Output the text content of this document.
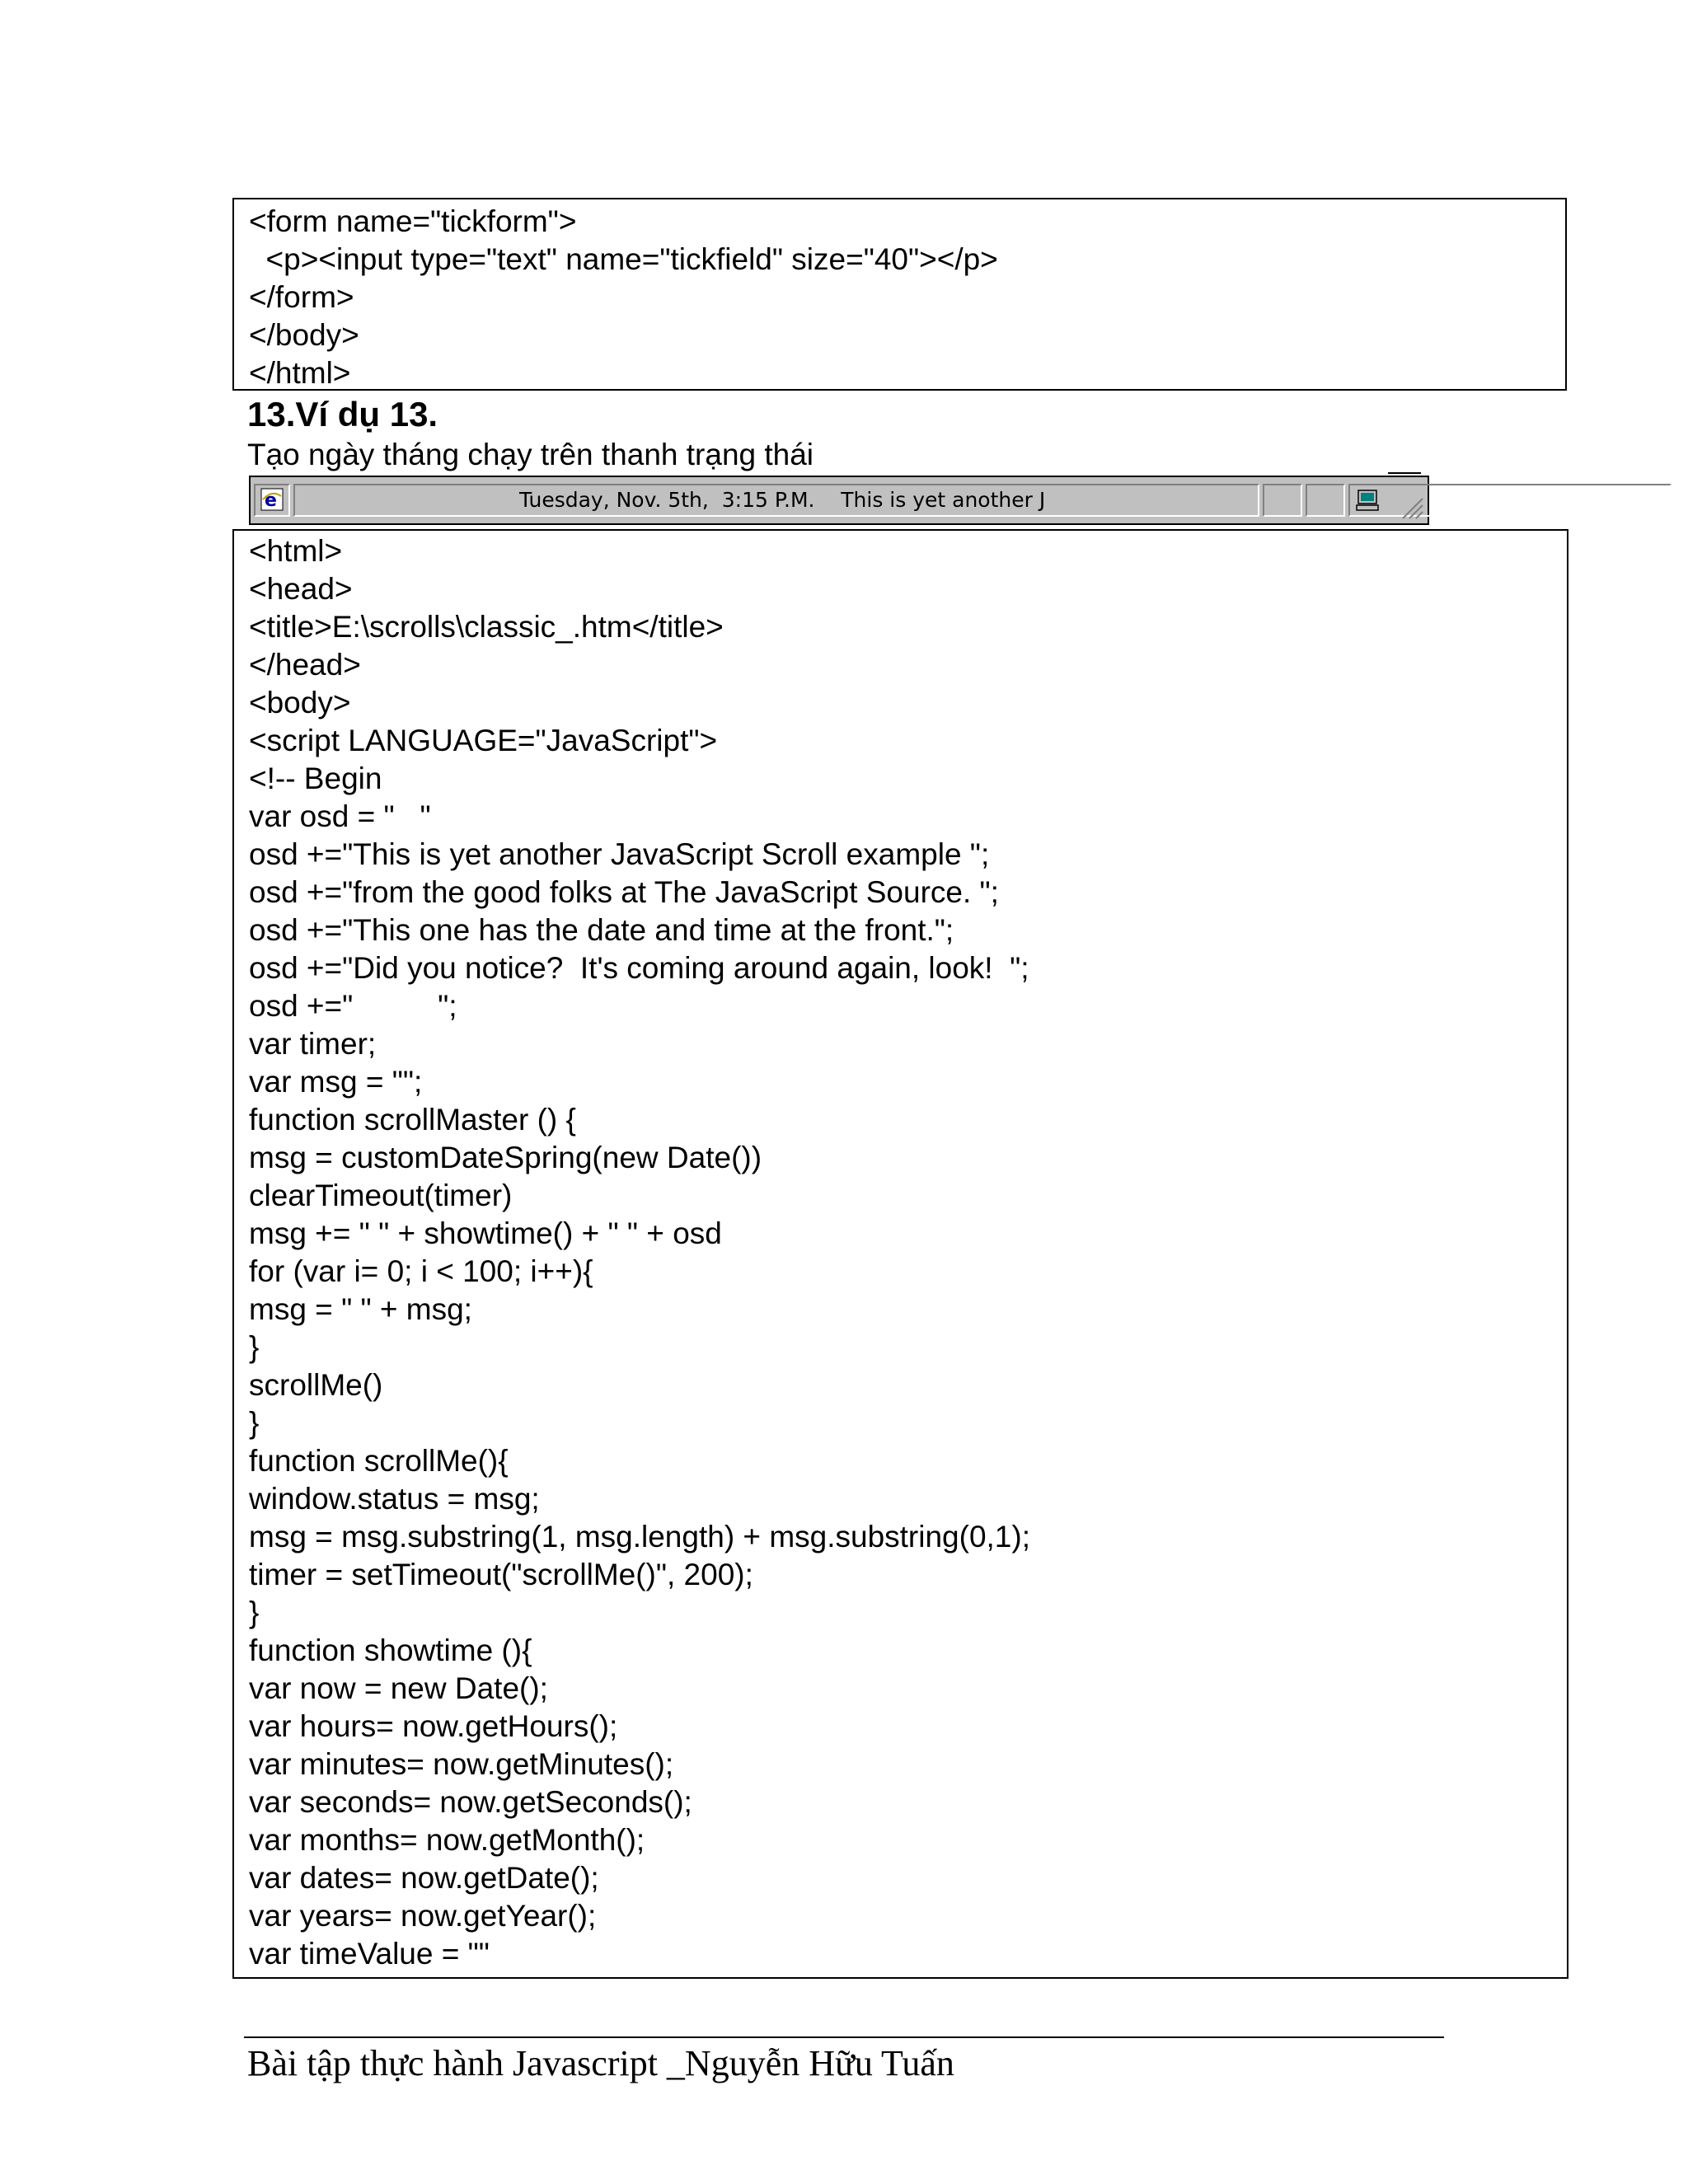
<form name="tickform">
<p><input type="text" name="tickfield" size="40"></p>
</form>
</body>
</html>
13.Ví dụ 13.
Tạo ngày tháng chạy trên thanh trạng thái

e

	Tuesday, Nov. 5th,  3:15 P.M.    This is yet another J

<html>
<head>
<title>E:\scrolls\classic_.htm</title>
</head>
<body>
<script LANGUAGE="JavaScript">
<!-- Begin
var osd = "   "
osd +="This is yet another JavaScript Scroll example ";
osd +="from the good folks at The JavaScript Source. ";
osd +="This one has the date and time at the front.";
osd +="Did you notice?  It's coming around again, look!  ";
osd +="          ";
var timer;
var msg = "";
function scrollMaster () {
msg = customDateSpring(new Date())
clearTimeout(timer)
msg += " " + showtime() + " " + osd
for (var i= 0; i < 100; i++){
msg = " " + msg;
}
scrollMe()
}
function scrollMe(){
window.status = msg;
msg = msg.substring(1, msg.length) + msg.substring(0,1);
timer = setTimeout("scrollMe()", 200);
}
function showtime (){
var now = new Date();
var hours= now.getHours();
var minutes= now.getMinutes();
var seconds= now.getSeconds();
var months= now.getMonth();
var dates= now.getDate();
var years= now.getYear();
var timeValue = ""
Bài tập thực hành Javascript _Nguyễn Hữu Tuấn
